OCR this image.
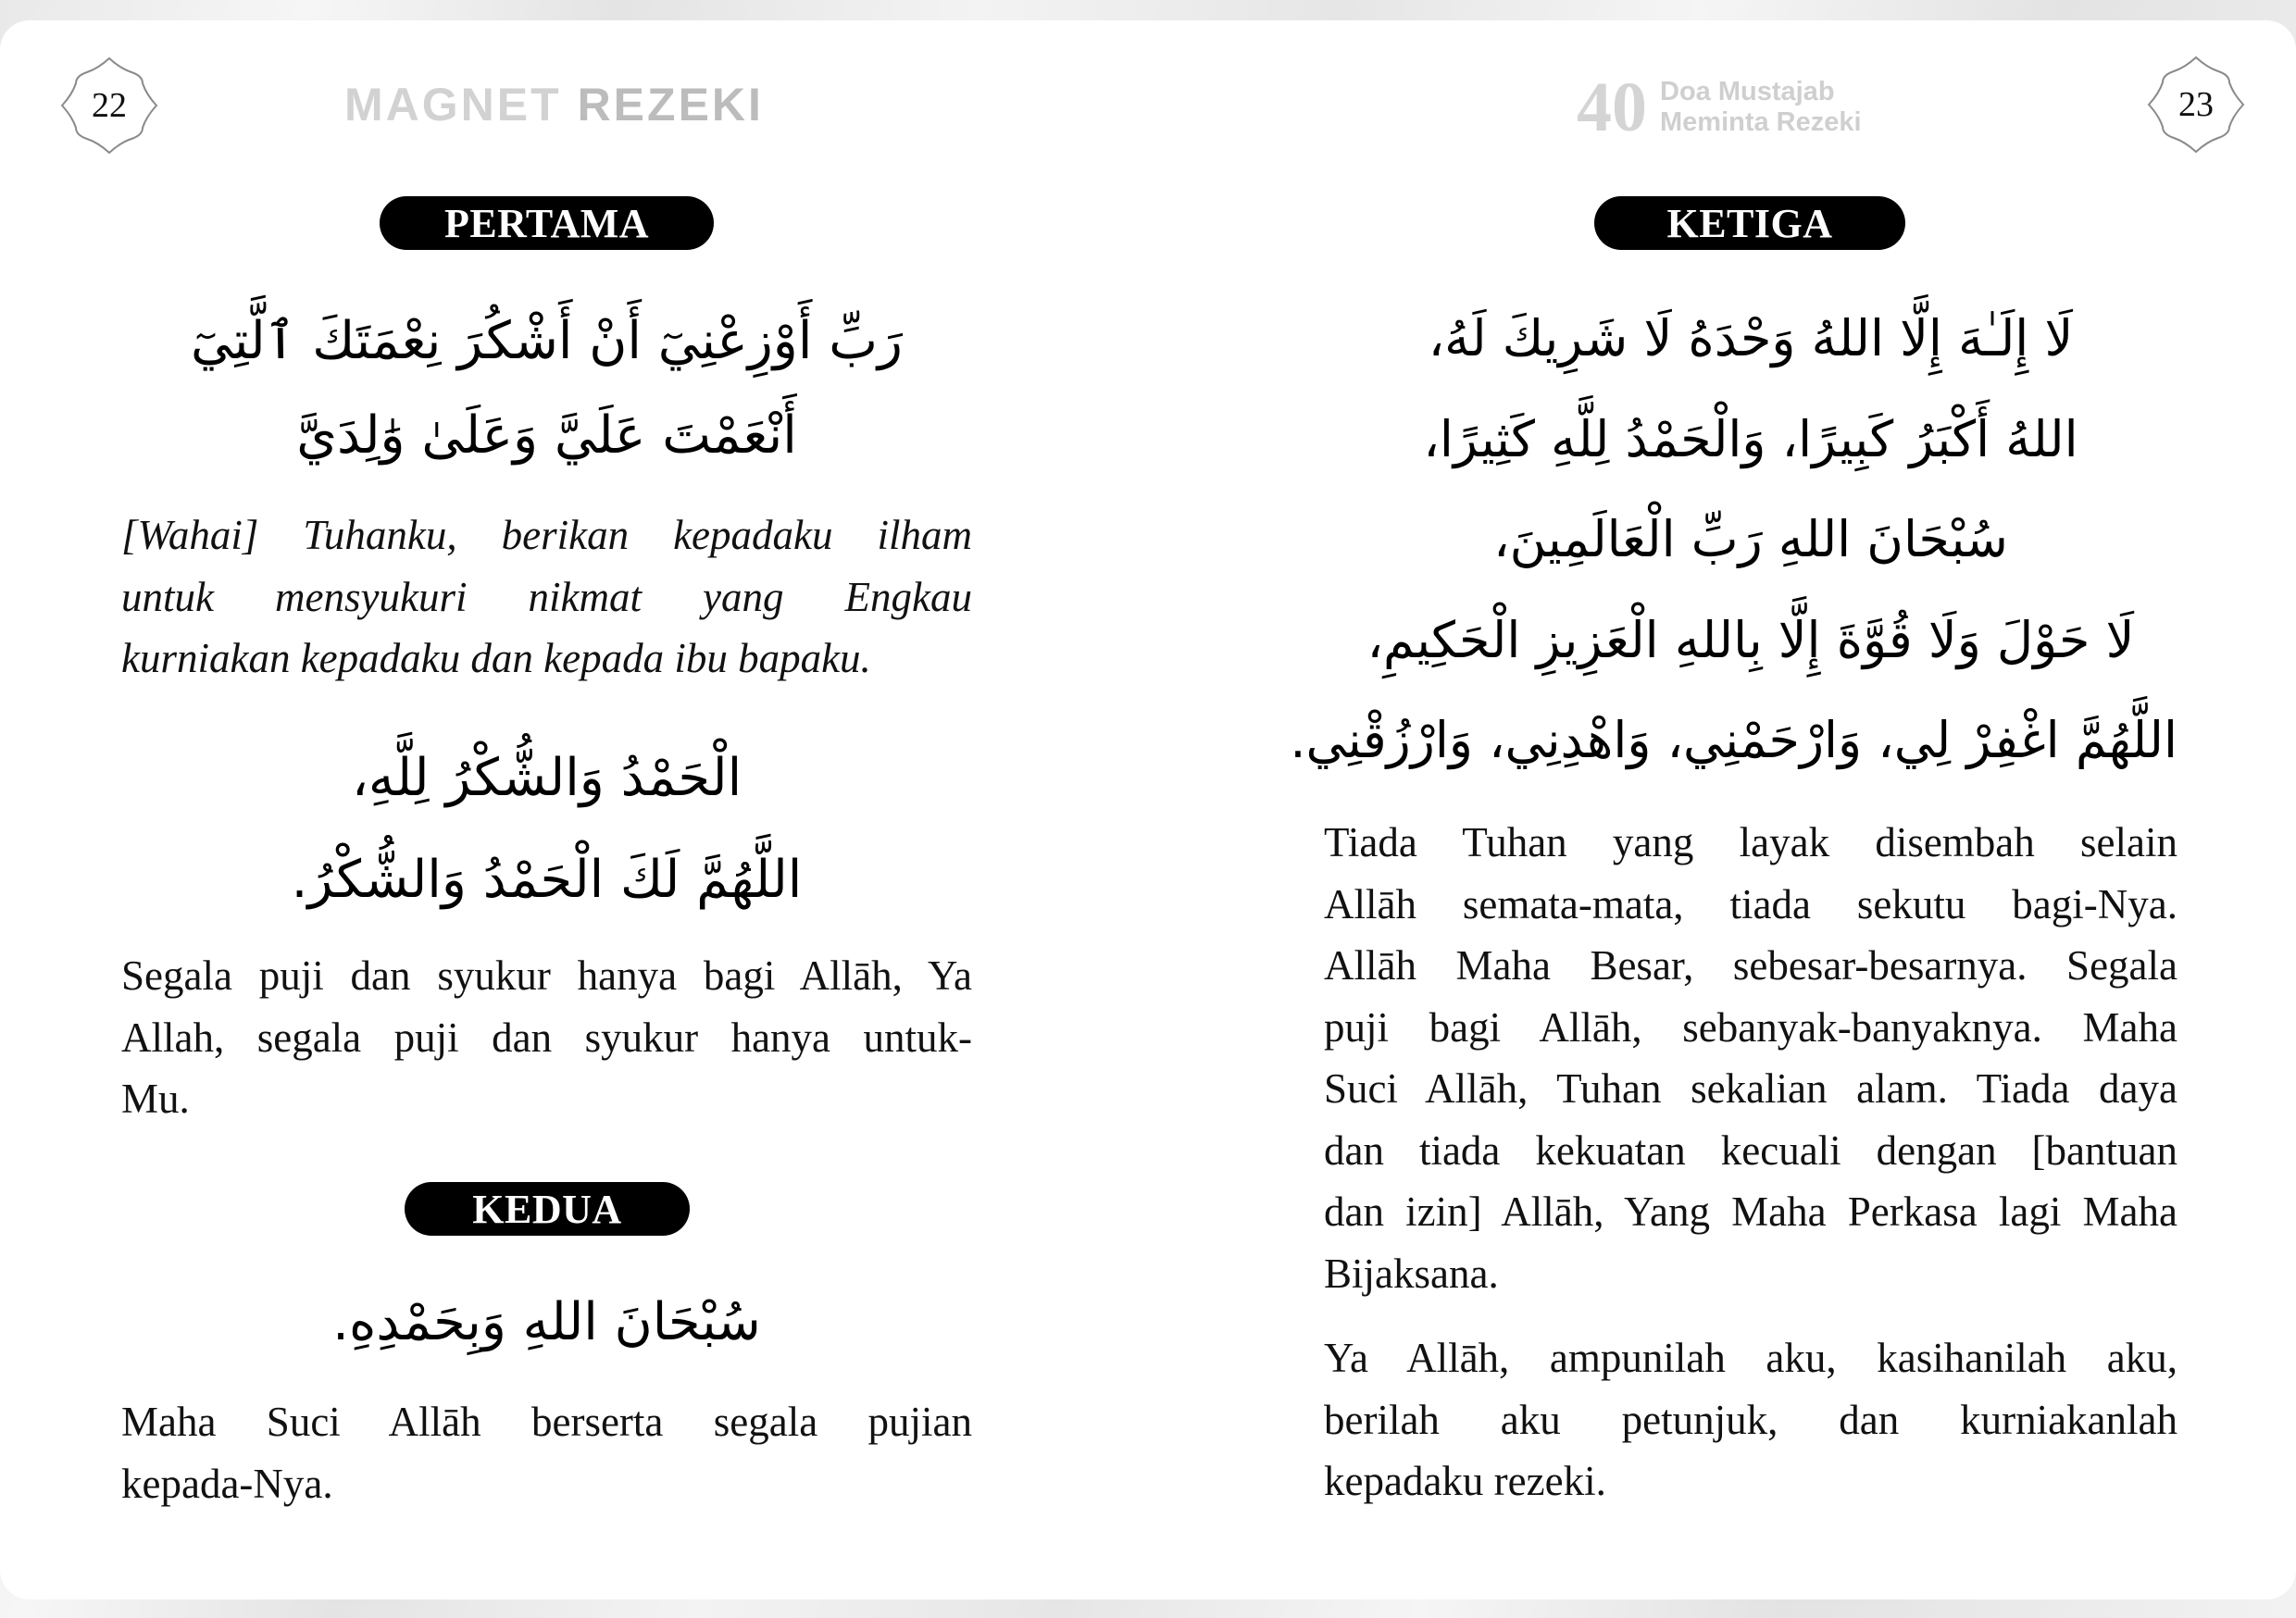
22	MAGNET REZEKI	40 Doa Mustajab
Meminta Rezeki	23
PERTAMA
رَبِّ أَوْزِعْنِيٓ أَنْ أَشْكُرَ نِعْمَتَكَ ٱلَّتِيٓ
أَنْعَمْتَ عَلَيَّ وَعَلَىٰ وَٰلِدَيَّ
[Wahai] Tuhanku, berikan kepadaku ilham
untuk mensyukuri nikmat yang Engkau
kurniakan kepadaku dan kepada ibu bapaku.
الْحَمْدُ وَالشُّكْرُ لِلَّهِ،
اللَّهُمَّ لَكَ الْحَمْدُ وَالشُّكْرُ.
Segala puji dan syukur hanya bagi Allāh, Ya
Allah, segala puji dan syukur hanya untuk-
Mu.
KEDUA
سُبْحَانَ اللهِ وَبِحَمْدِهِ.
Maha Suci Allāh berserta segala pujian
kepada-Nya.
KETIGA
لَا إِلَـٰهَ إِلَّا اللهُ وَحْدَهُ لَا شَرِيكَ لَهُ،
اللهُ أَكْبَرُ كَبِيرًا، وَالْحَمْدُ لِلَّهِ كَثِيرًا،
سُبْحَانَ اللهِ رَبِّ الْعَالَمِينَ،
لَا حَوْلَ وَلَا قُوَّةَ إِلَّا بِاللهِ الْعَزِيزِ الْحَكِيمِ،
اللَّهُمَّ اغْفِرْ لِي، وَارْحَمْنِي، وَاهْدِنِي، وَارْزُقْنِي.
Tiada Tuhan yang layak disembah selain
Allāh semata-mata, tiada sekutu bagi-Nya.
Allāh Maha Besar, sebesar-besarnya. Segala
puji bagi Allāh, sebanyak-banyaknya. Maha
Suci Allāh, Tuhan sekalian alam. Tiada daya
dan tiada kekuatan kecuali dengan [bantuan
dan izin] Allāh, Yang Maha Perkasa lagi Maha
Bijaksana.
Ya Allāh, ampunilah aku, kasihanilah aku,
berilah aku petunjuk, dan kurniakanlah
kepadaku rezeki.
